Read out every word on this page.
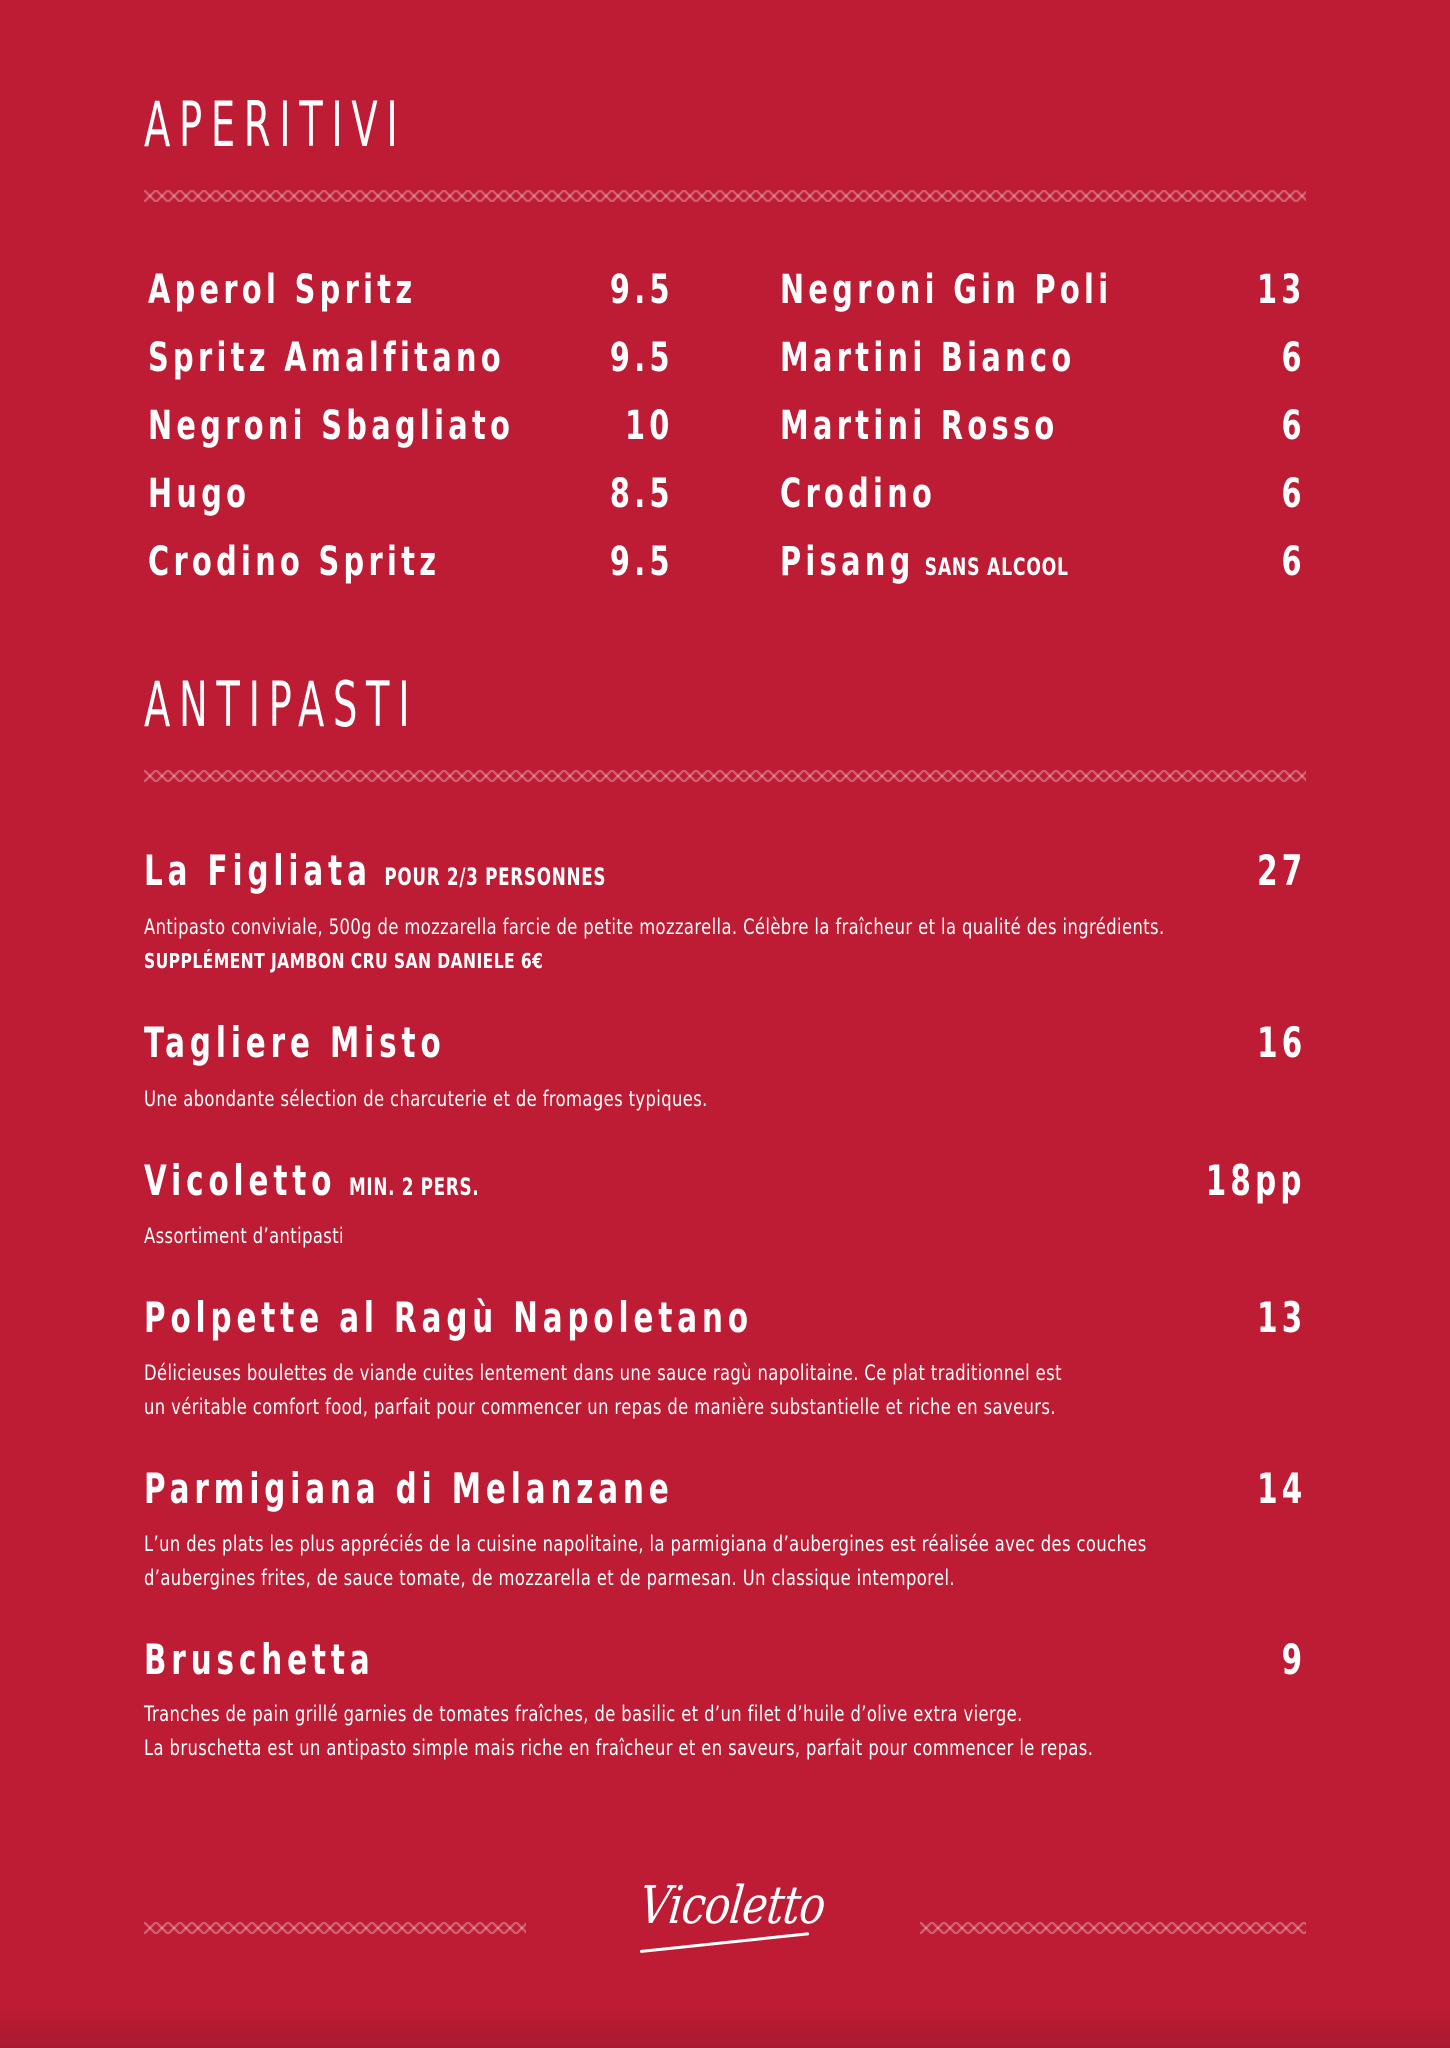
APERITIVI
Aperol Spritz	9.5
Spritz Amalfitano	9.5
Negroni Sbagliato	10
Hugo	8.5
Crodino Spritz	9.5
Negroni Gin Poli	13
Martini Bianco	6
Martini Rosso	6
Crodino	6
Pisang SANS ALCOOL	6
ANTIPASTI
La Figliata POUR 2/3 PERSONNES	27
Antipasto conviviale, 500g de mozzarella farcie de petite mozzarella. Célèbre la fraîcheur et la qualité des ingrédients.
SUPPLÉMENT JAMBON CRU SAN DANIELE 6€
Tagliere Misto	16
Une abondante sélection de charcuterie et de fromages typiques.
Vicoletto MIN. 2 PERS.	18pp
Assortiment d’antipasti
Polpette al Ragù Napoletano	13
Délicieuses boulettes de viande cuites lentement dans une sauce ragù napolitaine. Ce plat traditionnel est
un véritable comfort food, parfait pour commencer un repas de manière substantielle et riche en saveurs.
Parmigiana di Melanzane	14
L’un des plats les plus appréciés de la cuisine napolitaine, la parmigiana d’aubergines est réalisée avec des couches
d’aubergines frites, de sauce tomate, de mozzarella et de parmesan. Un classique intemporel.
Bruschetta	9
Tranches de pain grillé garnies de tomates fraîches, de basilic et d’un filet d’huile d’olive extra vierge.
La bruschetta est un antipasto simple mais riche en fraîcheur et en saveurs, parfait pour commencer le repas.
Vicoletto
